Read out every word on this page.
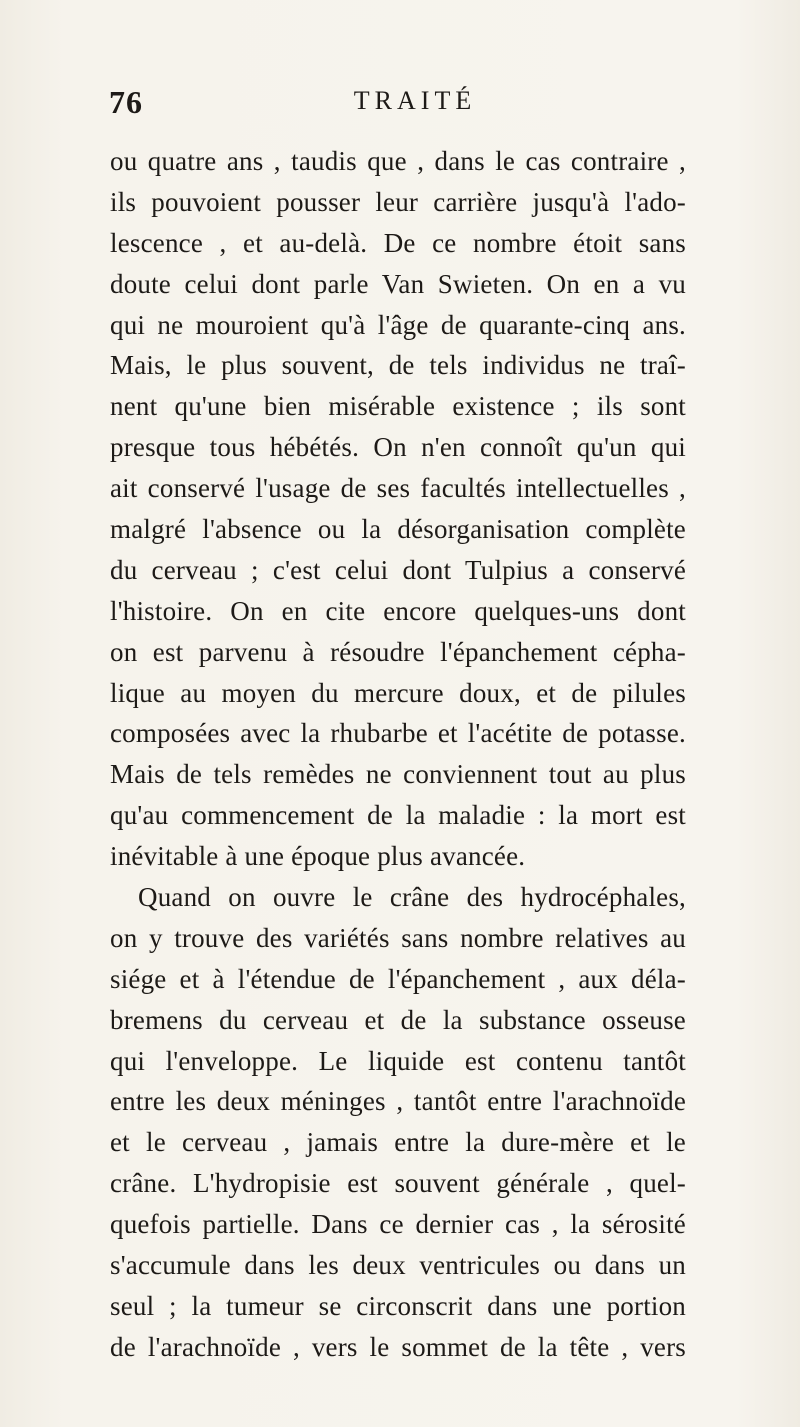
76	TRAITÉ
ou quatre ans , taudis que , dans le cas contraire ,
ils pouvoient pousser leur carrière jusqu'à l'ado-
lescence , et au-delà. De ce nombre étoit sans
doute celui dont parle Van Swieten. On en a vu
qui ne mouroient qu'à l'âge de quarante-cinq ans.
Mais, le plus souvent, de tels individus ne traî-
nent qu'une bien misérable existence ; ils sont
presque tous hébétés. On n'en connoît qu'un qui
ait conservé l'usage de ses facultés intellectuelles ,
malgré l'absence ou la désorganisation complète
du cerveau ; c'est celui dont Tulpius a conservé
l'histoire. On en cite encore quelques-uns dont
on est parvenu à résoudre l'épanchement cépha-
lique au moyen du mercure doux, et de pilules
composées avec la rhubarbe et l'acétite de potasse.
Mais de tels remèdes ne conviennent tout au plus
qu'au commencement de la maladie : la mort est
inévitable à une époque plus avancée.
Quand on ouvre le crâne des hydrocéphales,
on y trouve des variétés sans nombre relatives au
siége et à l'étendue de l'épanchement , aux déla-
bremens du cerveau et de la substance osseuse
qui l'enveloppe. Le liquide est contenu tantôt
entre les deux méninges , tantôt entre l'arachnoïde
et le cerveau , jamais entre la dure-mère et le
crâne. L'hydropisie est souvent générale , quel-
quefois partielle. Dans ce dernier cas , la sérosité
s'accumule dans les deux ventricules ou dans un
seul ; la tumeur se circonscrit dans une portion
de l'arachnoïde , vers le sommet de la tête , vers
